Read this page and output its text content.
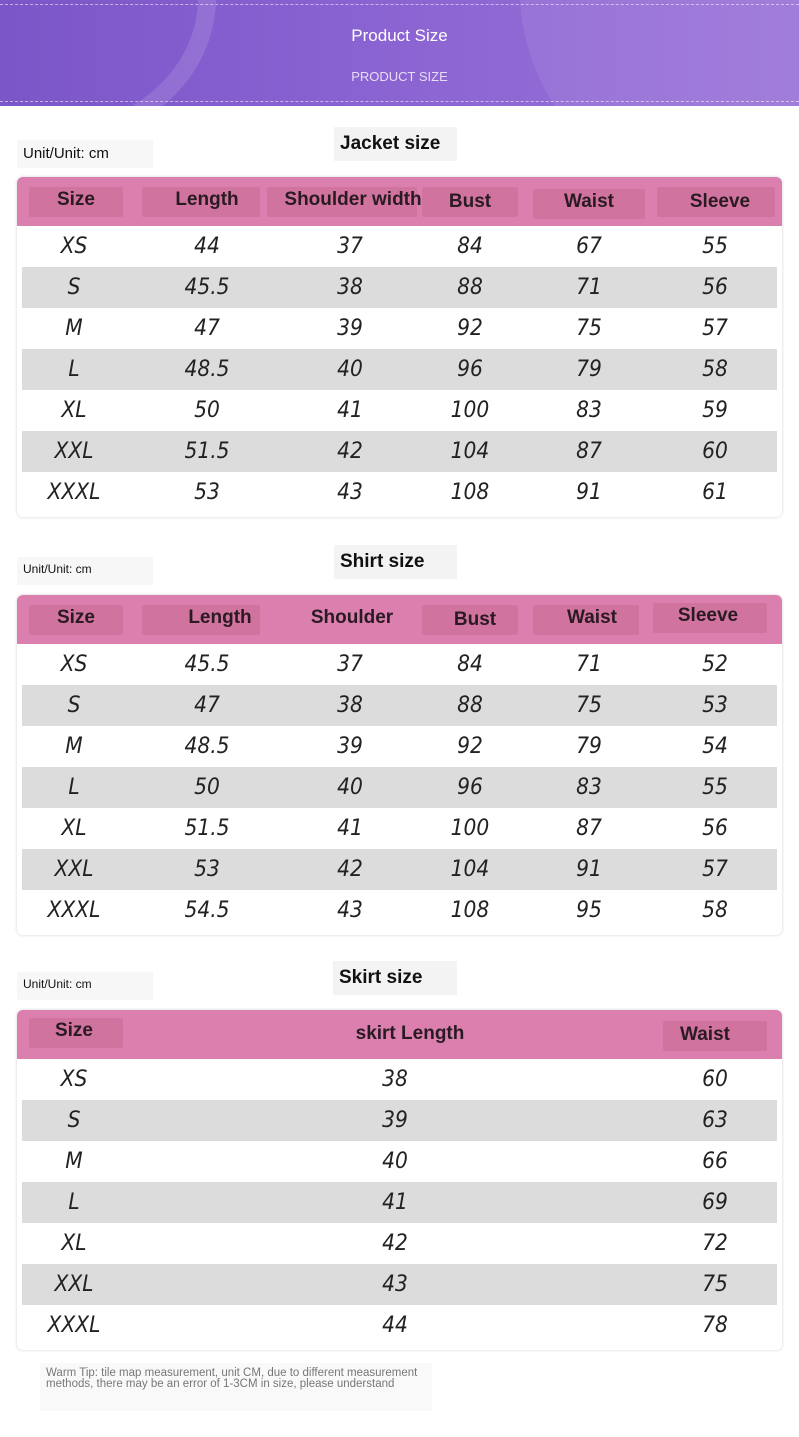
Product Size
PRODUCT SIZE
Unit/Unit: cm	Jacket size
Size	Length	Shoulder width	Bust	Waist	Sleeve
XS	44	37	84	67	55
S	45.5	38	88	71	56
M	47	39	92	75	57
L	48.5	40	96	79	58
XL	50	41	100	83	59
XXL	51.5	42	104	87	60
XXXL	53	43	108	91	61
Unit/Unit: cm	Shirt size
Size	Length	Shoulder	Bust	Waist	Sleeve
XS	45.5	37	84	71	52
S	47	38	88	75	53
M	48.5	39	92	79	54
L	50	40	96	83	55
XL	51.5	41	100	87	56
XXL	53	42	104	91	57
XXXL	54.5	43	108	95	58
Unit/Unit: cm	Skirt size
Size	skirt Length	Waist
XS	38	60
S	39	63
M	40	66
L	41	69
XL	42	72
XXL	43	75
XXXL	44	78
Warm Tip: tile map measurement, unit CM, due to different measurement methods, there may be an error of 1-3CM in size, please understand
